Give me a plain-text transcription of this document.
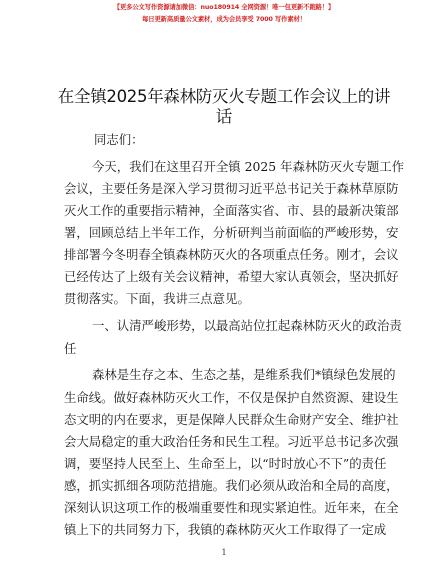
【更多公文写作资源请加微信：nuo180914 全网资源！唯一包更新不跑路！】
每日更新高质量公文素材，成为会员享受 7000 写作素材！
在全镇2025年森林防灭火专题工作会议上的讲
话
同志们：
今天，我们在这里召开全镇 2025 年森林防灭火专题工作
会议，主要任务是深入学习贯彻习近平总书记关于森林草原防
灭火工作的重要指示精神，全面落实省、市、县的最新决策部
署，回顾总结上半年工作，分析研判当前面临的严峻形势，安
排部署今冬明春全镇森林防灭火的各项重点任务。刚才，会议
已经传达了上级有关会议精神，希望大家认真领会，坚决抓好
贯彻落实。下面，我讲三点意见。
一、认清严峻形势，以最高站位扛起森林防灭火的政治责
任
森林是生存之本、生态之基，是维系我们*镇绿色发展的
生命线。做好森林防灭火工作，不仅是保护自然资源、建设生
态文明的内在要求，更是保障人民群众生命财产安全、维护社
会大局稳定的重大政治任务和民生工程。习近平总书记多次强
调，要坚持人民至上、生命至上，以“时时放心不下”的责任
感，抓实抓细各项防范措施。我们必须从政治和全局的高度，
深刻认识这项工作的极端重要性和现实紧迫性。近年来，在全
镇上下的共同努力下，我镇的森林防灭火工作取得了一定成
1
